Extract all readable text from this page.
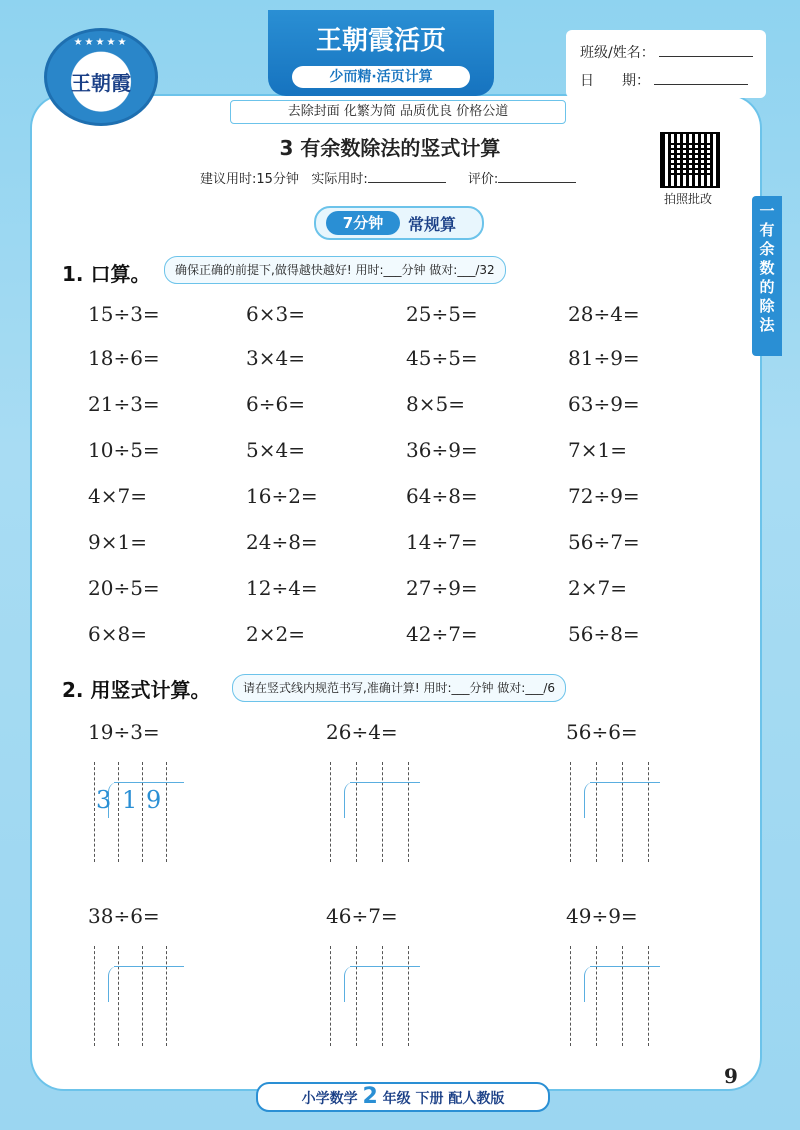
★★★★★
王朝霞
王朝霞活页
少而精·活页计算
班级/姓名：
日　　期：
去除封面 化繁为简 品质优良 价格公道
一
有
余
数
的
除
法
3 有余数除法的竖式计算
建议用时:15分钟 实际用时:	评价:
拍照批改
7分钟	常规算
1. 口算。	确保正确的前提下,做得越快越好! 用时:___分钟 做对:___/32
15÷3=	6×3=	25÷5=	28÷4=
18÷6=	3×4=	45÷5=	81÷9=
21÷3=	6÷6=	8×5=	63÷9=
10÷5=	5×4=	36÷9=	7×1=
4×7=	16÷2=	64÷8=	72÷9=
9×1=	24÷8=	14÷7=	56÷7=
20÷5=	12÷4=	27÷9=	2×7=
6×8=	2×2=	42÷7=	56÷8=
2. 用竖式计算。	请在竖式线内规范书写,准确计算! 用时:___分钟 做对:___/6
19÷3=	26÷4=	56÷6=
38÷6=	46÷7=	49÷9=
3 1 9
9
小学数学 2 年级 下册 配人教版
